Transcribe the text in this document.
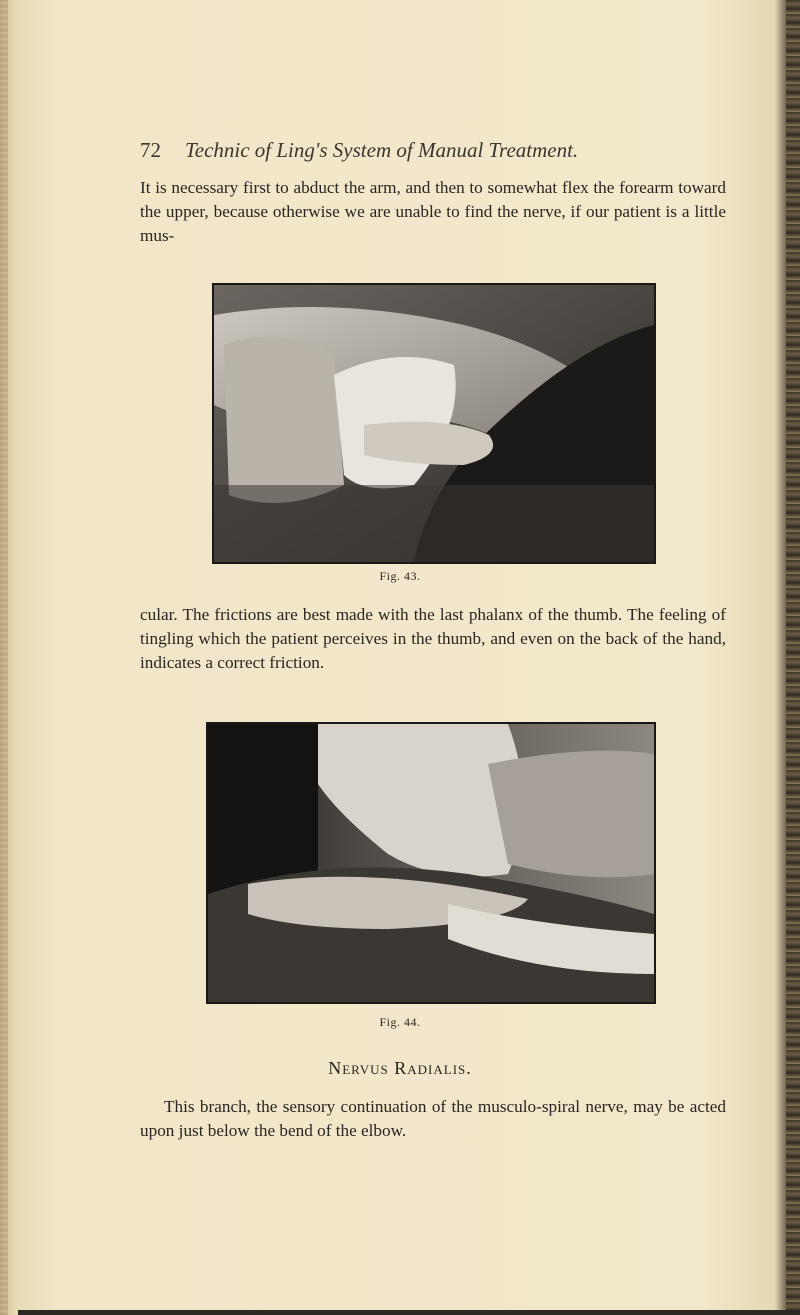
72 Technic of Ling's System of Manual Treatment.
It is necessary first to abduct the arm, and then to somewhat flex the forearm toward the upper, because otherwise we are unable to find the nerve, if our patient is a little mus-
Fig. 43.
cular. The frictions are best made with the last phalanx of the thumb. The feeling of tingling which the patient perceives in the thumb, and even on the back of the hand, indicates a correct friction.
Fig. 44.
Nervus Radialis.
This branch, the sensory continuation of the musculo-spiral nerve, may be acted upon just below the bend of the elbow.
